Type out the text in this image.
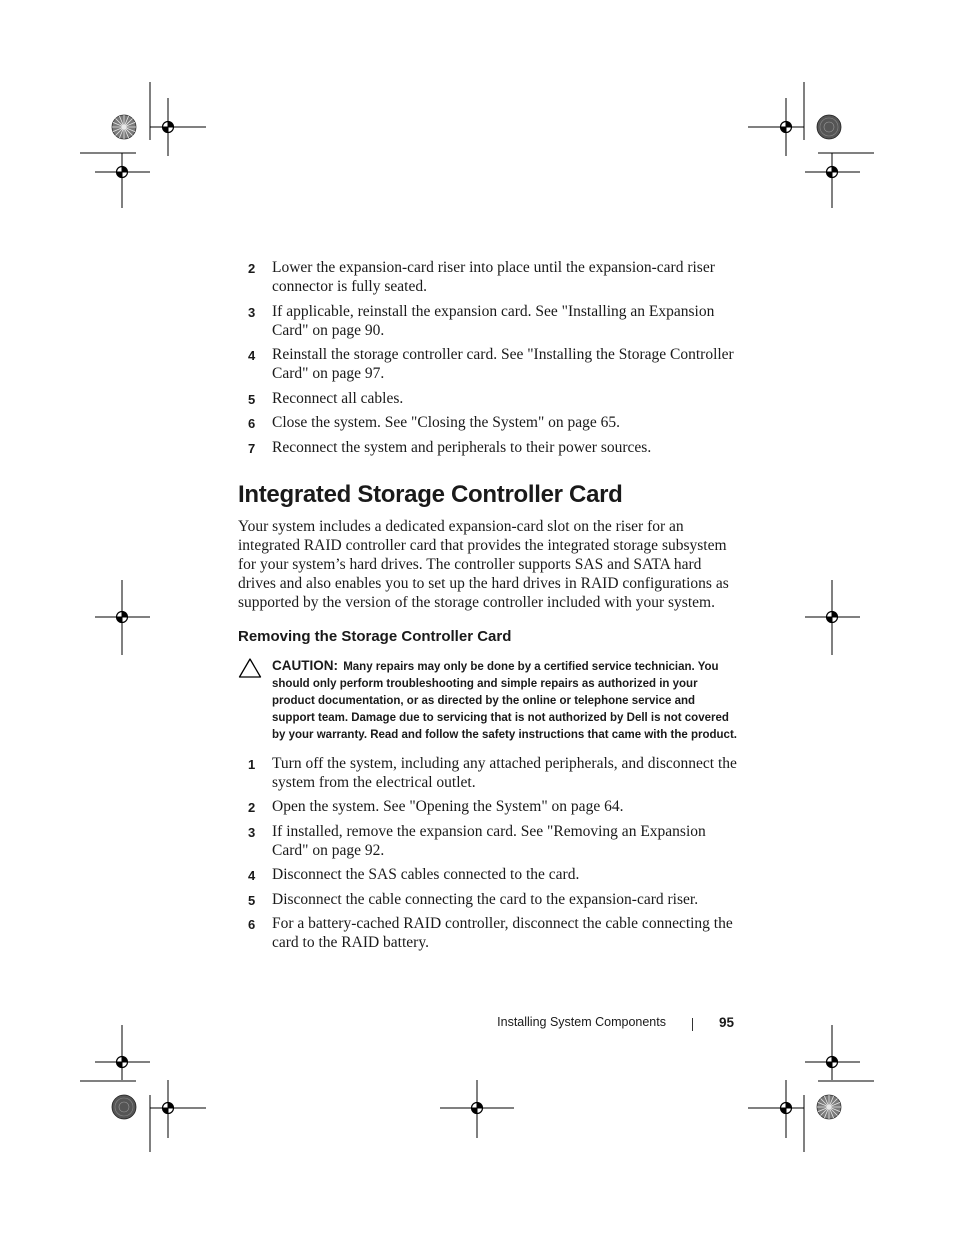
2 Lower the expansion-card riser into place until the expansion-card riser connector is fully seated.
3 If applicable, reinstall the expansion card. See "Installing an Expansion Card" on page 90.
4 Reinstall the storage controller card. See "Installing the Storage Controller Card" on page 97.
5 Reconnect all cables.
6 Close the system. See "Closing the System" on page 65.
7 Reconnect the system and peripherals to their power sources.
Integrated Storage Controller Card

Your system includes a dedicated expansion-card slot on the riser for an integrated RAID controller card that provides the integrated storage subsystem for your system’s hard drives. The controller supports SAS and SATA hard drives and also enables you to set up the hard drives in RAID configurations as supported by the version of the storage controller included with your system.

Removing the Storage Controller Card
CAUTION: Many repairs may only be done by a certified service technician. You should only perform troubleshooting and simple repairs as authorized in your product documentation, or as directed by the online or telephone service and support team. Damage due to servicing that is not authorized by Dell is not covered by your warranty. Read and follow the safety instructions that came with the product.
1 Turn off the system, including any attached peripherals, and disconnect the system from the electrical outlet.
2 Open the system. See "Opening the System" on page 64.
3 If installed, remove the expansion card. See "Removing an Expansion Card" on page 92.
4 Disconnect the SAS cables connected to the card.
5 Disconnect the cable connecting the card to the expansion-card riser.
6 For a battery-cached RAID controller, disconnect the cable connecting the card to the RAID battery.
Installing System Components	95
